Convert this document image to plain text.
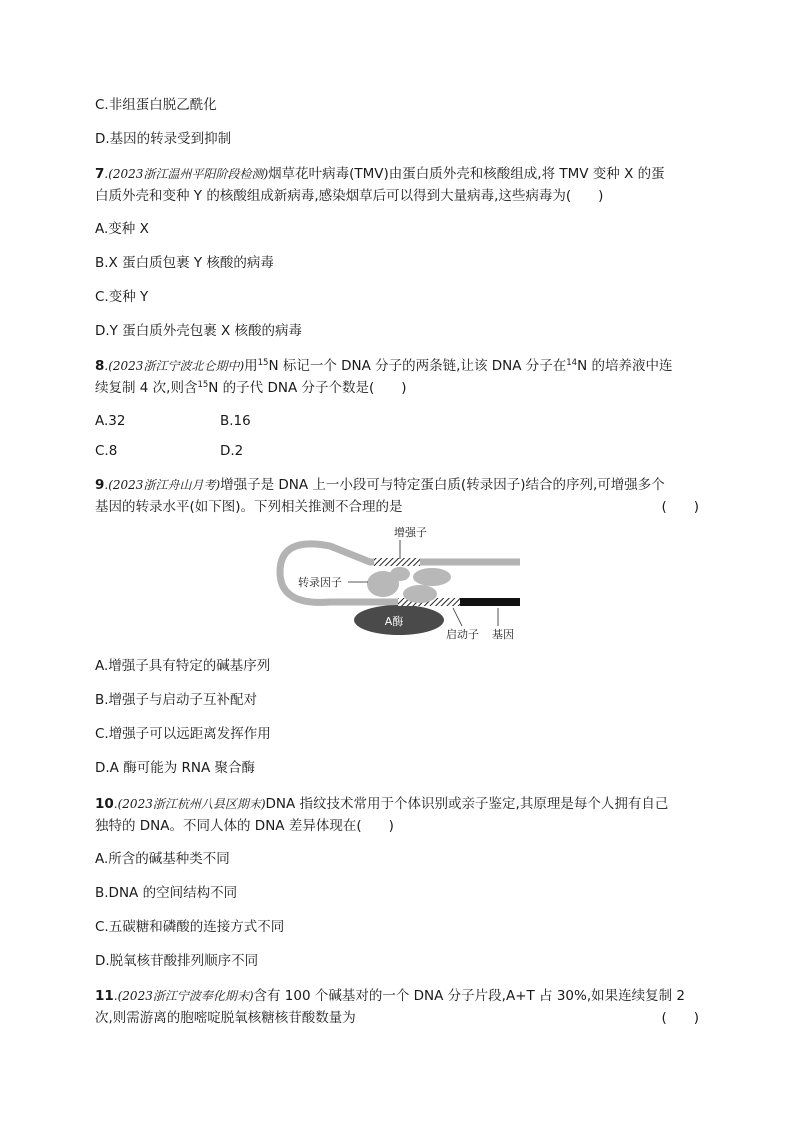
C.非组蛋白脱乙酰化
D.基因的转录受到抑制
7.(2023浙江温州平阳阶段检测)烟草花叶病毒(TMV)由蛋白质外壳和核酸组成,将 TMV 变种 X 的蛋
白质外壳和变种 Y 的核酸组成新病毒,感染烟草后可以得到大量病毒,这些病毒为(　　)
A.变种 X
B.X 蛋白质包裹 Y 核酸的病毒
C.变种 Y
D.Y 蛋白质外壳包裹 X 核酸的病毒
8.(2023浙江宁波北仑期中)用$^{15}$N 标记一个 DNA 分子的两条链,让该 DNA 分子在$^{14}$N 的培养液中连
续复制 4 次,则含$^{15}$N 的子代 DNA 分子个数是(　　)
A.32	B.16
C.8	D.2
9.(2023浙江舟山月考)增强子是 DNA 上一小段可与特定蛋白质(转录因子)结合的序列,可增强多个
基因的转录水平(如下图)。下列相关推测不合理的是	(　　)
A酶
增强子
转录因子
启动子 基因
A.增强子具有特定的碱基序列
B.增强子与启动子互补配对
C.增强子可以远距离发挥作用
D.A 酶可能为 RNA 聚合酶
10.(2023浙江杭州八县区期末)DNA 指纹技术常用于个体识别或亲子鉴定,其原理是每个人拥有自己
独特的 DNA。不同人体的 DNA 差异体现在(　　)
A.所含的碱基种类不同
B.DNA 的空间结构不同
C.五碳糖和磷酸的连接方式不同
D.脱氧核苷酸排列顺序不同
11.(2023浙江宁波奉化期末)含有 100 个碱基对的一个 DNA 分子片段,A+T 占 30%,如果连续复制 2
次,则需游离的胞嘧啶脱氧核糖核苷酸数量为	(　　)
